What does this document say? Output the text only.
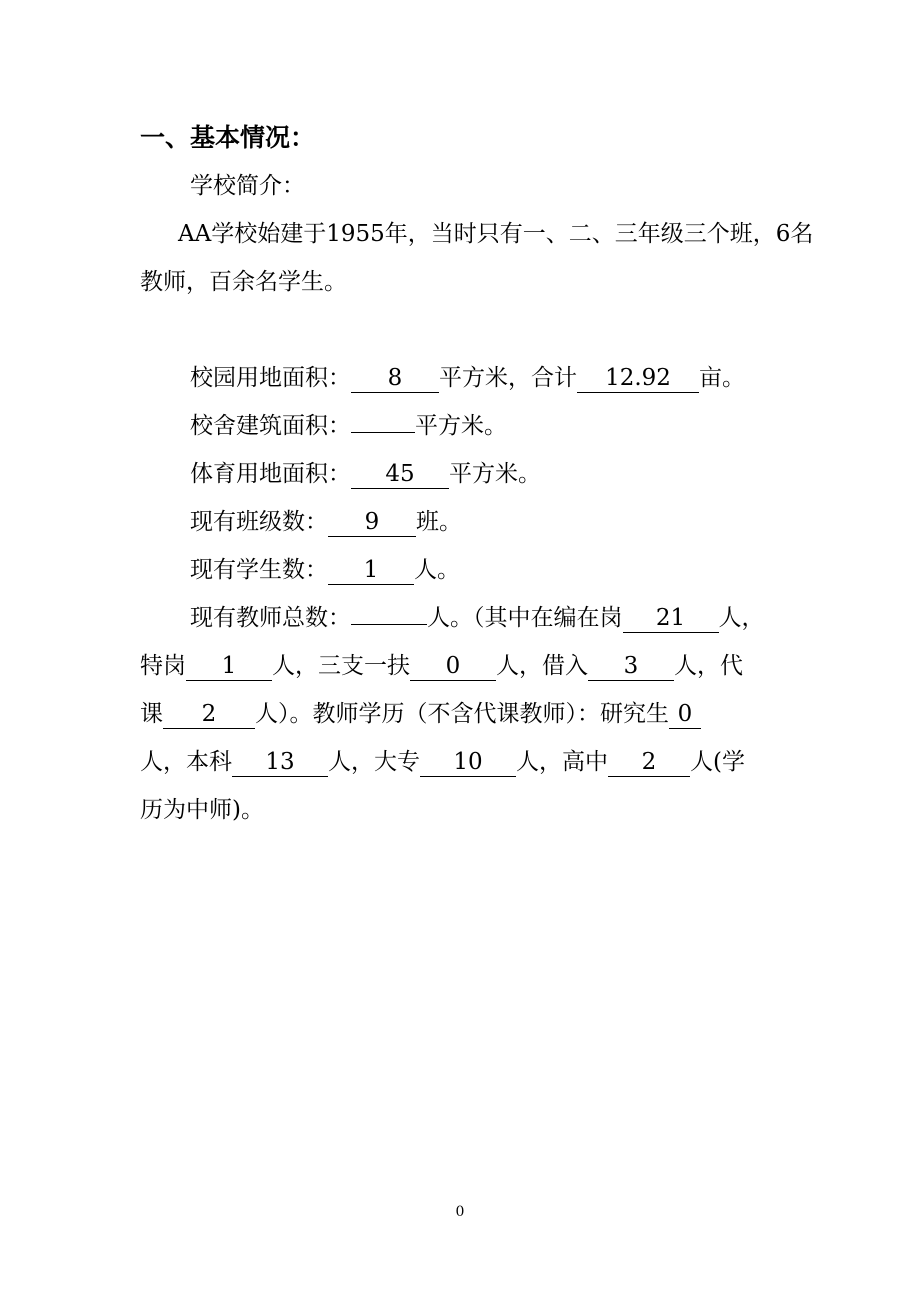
一、基本情况：

学校简介：

AA学校始建于1955年，当时只有一、二、三年级三个班，6名

教师，百余名学生。

校园用地面积： 8 平方米，合计 12.92 亩。

校舍建筑面积：	平方米。

体育用地面积： 45 平方米。

现有班级数： 9 班。

现有学生数： 1 人。

现有教师总数：	人。（其中在编在岗 21 人，

特岗 1 人，三支一扶 0 人，借入 3 人，代

课 2 人）。教师学历（不含代课教师）：研究生 0

人，本科 13 人，大专 10 人，高中 2 人(学

历为中师)。

0
